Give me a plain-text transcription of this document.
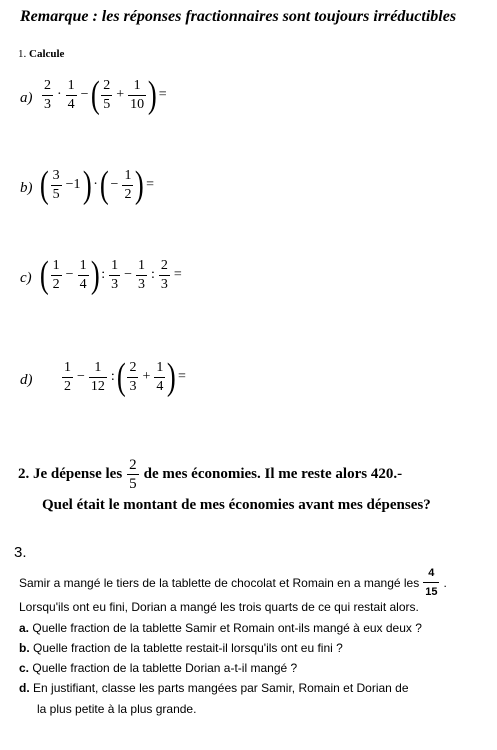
Remarque : les réponses fractionnaires sont toujours irréductibles
1. Calcule
$a) \frac{2}{3} \cdot \frac{1}{4}$ − ( $\frac{2}{5} + \frac{1}{10}$ ) =
b) ( $\frac{3}{5} -1$ ) · ( − $\frac{1}{2}$ ) =
c) ( $\frac{1}{2} - \frac{1}{4}$ ) : $\frac{1}{3} - \frac{1}{3}$ : $\frac{2}{3}$ =
$d) \frac{1}{2} - \frac{1}{12}$ : ( $\frac{2}{3} + \frac{1}{4}$ ) =
2. Je dépense les $\frac{2}{5}$ de mes économies. Il me reste alors 420.-
Quel était le montant de mes économies avant mes dépenses?
3.
Samir a mangé le tiers de la tablette de chocolat et Romain en a mangé les $\frac{4}{15}$ .
Lorsqu'ils ont eu fini, Dorian a mangé les trois quarts de ce qui restait alors.
a. Quelle fraction de la tablette Samir et Romain ont-ils mangé à eux deux ?
b. Quelle fraction de la tablette restait-il lorsqu'ils ont eu fini ?
c. Quelle fraction de la tablette Dorian a-t-il mangé ?
d. En justifiant, classe les parts mangées par Samir, Romain et Dorian de
la plus petite à la plus grande.
